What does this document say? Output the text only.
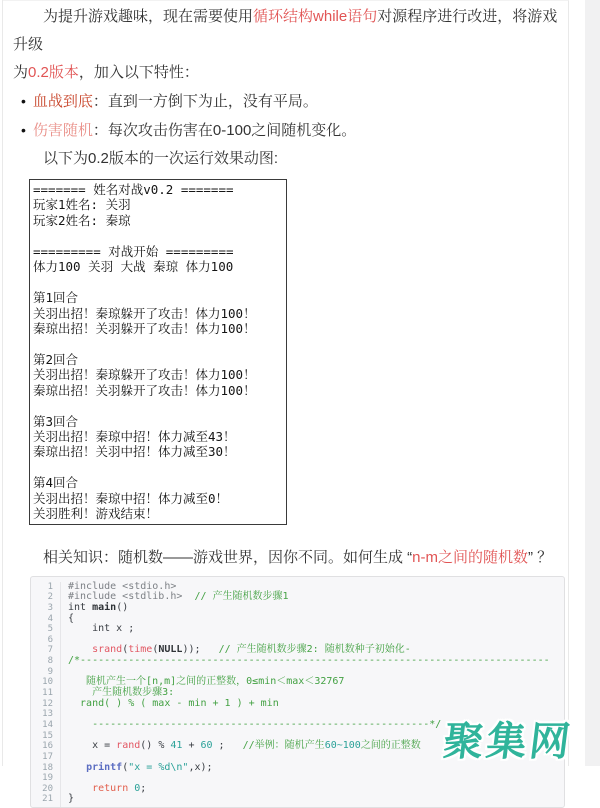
为提升游戏趣味，现在需要使用循环结构while语句对源程序进行改进，将游戏升级
为0.2版本，加入以下特性：

• 血战到底：直到一方倒下为止，没有平局。
• 伤害随机：每次攻击伤害在0-100之间随机变化。

以下为0.2版本的一次运行效果动图:

======= 姓名对战v0.2 =======
玩家1姓名: 关羽
玩家2姓名: 秦琼

========= 对战开始 =========
体力100 关羽 大战 秦琼 体力100

第1回合
关羽出招！秦琼躲开了攻击！体力100！
秦琼出招！关羽躲开了攻击！体力100！

第2回合
关羽出招！秦琼躲开了攻击！体力100！
秦琼出招！关羽躲开了攻击！体力100！

第3回合
关羽出招！秦琼中招！体力减至43！
秦琼出招！关羽中招！体力减至30！

第4回合
关羽出招！秦琼中招！体力减至0！
关羽胜利！游戏结束！

相关知识：随机数——游戏世界，因你不同。如何生成 “n-m之间的随机数” ？

1
2
3
4
5
6
7
8
9
10
11
12
13
14
15
16
17
18
19
20
21
#include <stdio.h>
#include <stdlib.h> // 产生随机数步骤1
int main()
{
int x ;

srand(time(NULL));   // 产生随机数步骤2: 随机数种子初始化-
/*------------------------------------------------------------------------------

随机产生一个[n,m]之间的正整数，0≤min＜max＜32767
产生随机数步骤3:
rand( ) % ( max - min + 1 ) + min

--------------------------------------------------------*/

x = rand() % 41 + 60 ;   //举例：随机产生60~100之间的正整数

printf("x = %d\n",x);

return 0;
}
聚集网
